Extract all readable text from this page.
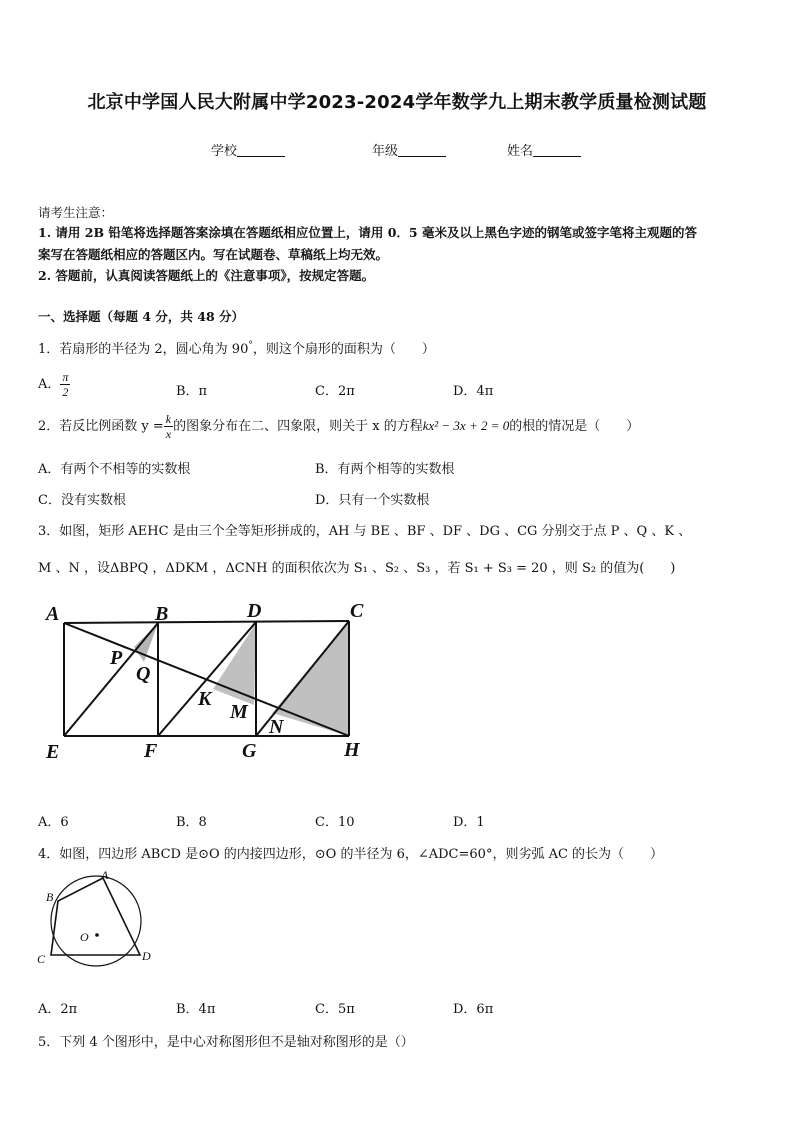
北京中学国人民大附属中学2023-2024学年数学九上期末教学质量检测试题
学校	年级	姓名
请考生注意：
1. 请用 2B 铅笔将选择题答案涂填在答题纸相应位置上，请用 0．5 毫米及以上黑色字迹的钢笔或签字笔将主观题的答
案写在答题纸相应的答题区内。写在试题卷、草稿纸上均无效。
2. 答题前，认真阅读答题纸上的《注意事项》，按规定答题。
一、选择题（每题 4 分，共 48 分）
1．若扇形的半径为 2，圆心角为 90°，则这个扇形的面积为（　　）
A． $\frac{\pi}{2}$	B．π	C．2π	D．4π
2．若反比例函数 $y = \frac{k}{x}$ 的图象分布在二、四象限，则关于 x 的方程kx² − 3x + 2 = 0的根的情况是（　　）
A．有两个不相等的实数根	B．有两个相等的实数根
C．没有实数根	D．只有一个实数根
3．如图，矩形 AEHC 是由三个全等矩形拼成的，AH 与 BE 、BF 、DF 、DG 、CG 分别交于点 P 、Q 、K 、
M 、N ，设ΔBPQ ，ΔDKM ，ΔCNH 的面积依次为 S₁ 、S₂ 、S₃ ，若 S₁ + S₃ = 20 ，则 S₂ 的值为(　　)
A	B	D	C
E	F	G	H
P
Q
K
M
N
A．6	B．8	C．10	D．1
4．如图，四边形 ABCD 是⊙O 的内接四边形，⊙O 的半径为 6，∠ADC=60°，则劣弧 AC 的长为（　　）
A
B
C	D
O
A．2π	B．4π	C．5π	D．6π
5．下列 4 个图形中，是中心对称图形但不是轴对称图形的是（）
